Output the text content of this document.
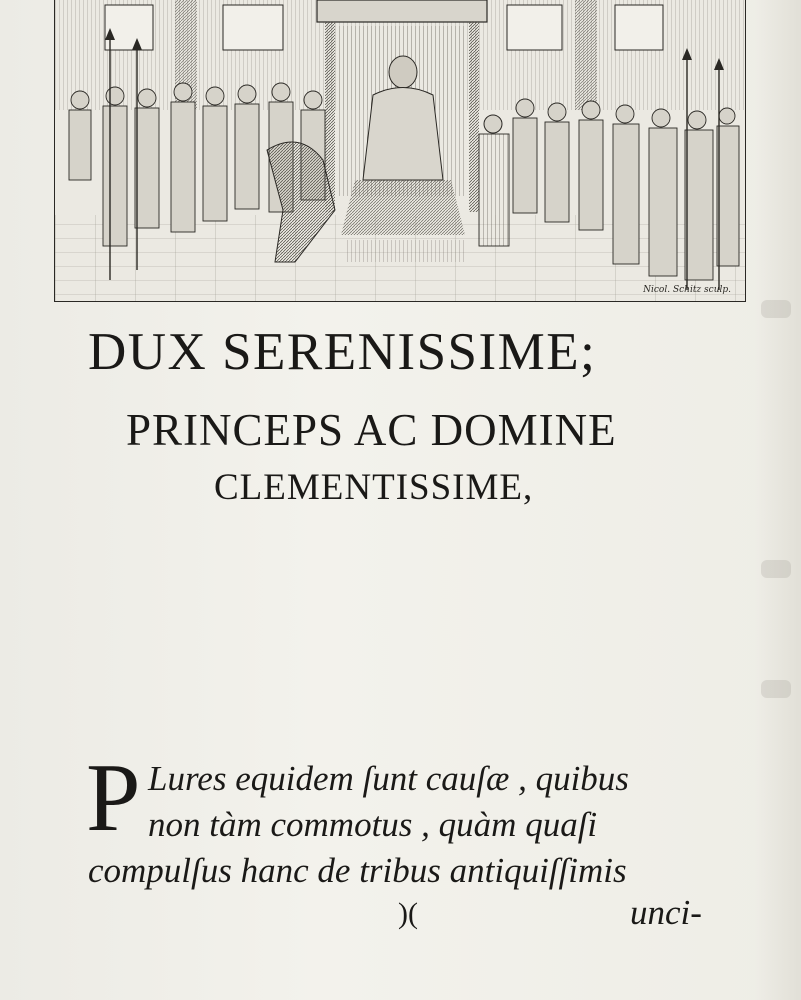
Nicol. Schitz sculp.
DUX SERENISSIME;
PRINCEPS AC DOMINE
CLEMENTISSIME,
P Lures equidem ſunt cauſæ , quibus
non tàm commotus , quàm quaſi
compulſus hanc de tribus antiquiſſimis
)(	unci-
